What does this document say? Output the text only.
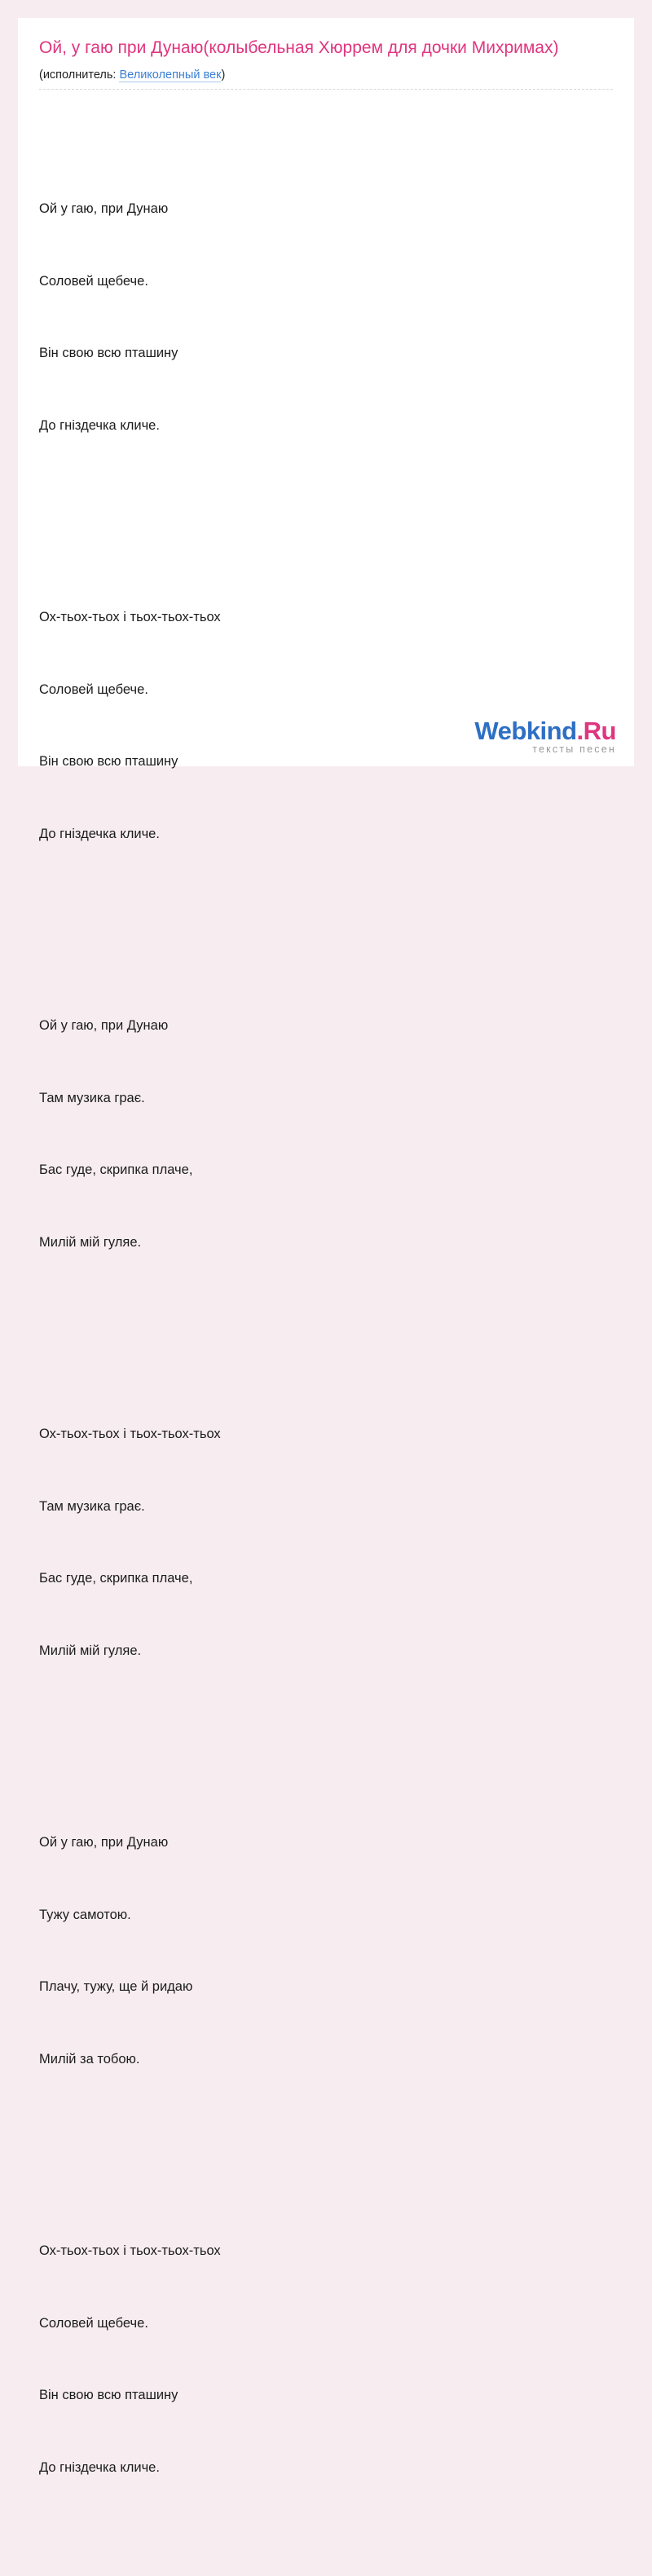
Ой, у гаю при Дунаю(колыбельная Хюррем для дочки Михримах)
(исполнитель: Великолепный век)

Ой у гаю, при Дунаю

Соловей щебече.

Він свою всю пташину

До гніздечка кличе.

Ох-тьох-тьох і тьох-тьох-тьох

Соловей щебече.

Він свою всю пташину

До гніздечка кличе.

Ой у гаю, при Дунаю

Там музика грає.

Бас гуде, скрипка плаче,

Милій мій гуляе.

Ох-тьох-тьох і тьох-тьох-тьох

Там музика грає.

Бас гуде, скрипка плаче,

Милій мій гуляе.

Ой у гаю, при Дунаю

Тужу самотою.

Плачу, тужу, ще й ридаю

Милій за тобою.

Ох-тьох-тьох і тьох-тьох-тьох

Соловей щебече.

Він свою всю пташину

До гніздечка кличе.

Webkind.Ru
тексты песен
